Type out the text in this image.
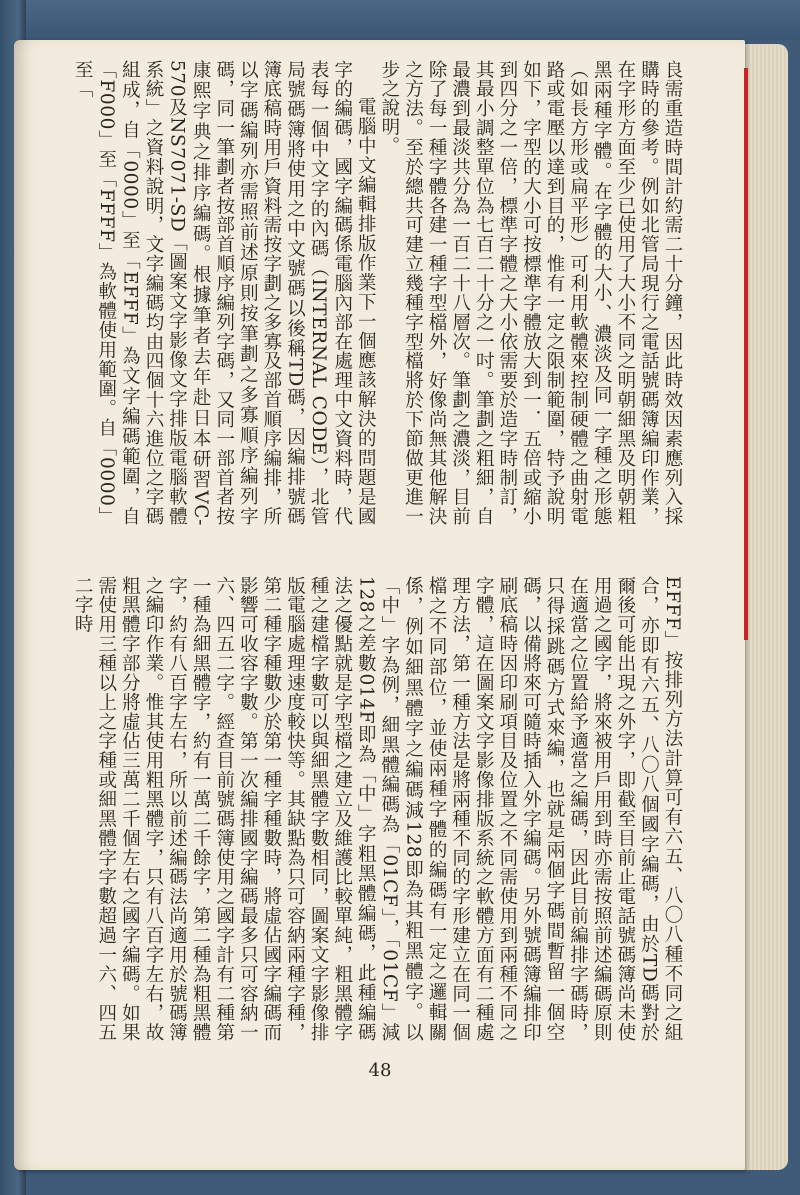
良需重造時間計約需二十分鐘，因此時效因素應列入採購時的參考。例如北管局現行之電話號碼簿編印作業，在字形方面至少已使用了大小不同之明朝細黑及明朝粗黑兩種字體。在字體的大小、濃淡及同一字種之形態（如長方形或扁平形）可利用軟體來控制硬體之曲射電路或電壓以達到目的，惟有一定之限制範圍，特予說明如下，字型的大小可按標準字體放大到一．五倍或縮小到四分之一倍，標準字體之大小依需要於造字時制訂，其最小調整單位為七百二十分之一吋。筆劃之粗細，自最濃到最淡共分為一百二十八層次。筆劃之濃淡，目前除了每一種字體各建一種字型檔外，好像尚無其他解決之方法。至於總共可建立幾種字型檔將於下節做更進一步之說明。

電腦中文編輯排版作業下一個應該解決的問題是國字的編碼，國字編碼係電腦內部在處理中文資料時，代表每一個中文字的內碼（INTERNAL CODE），北管局號碼簿將使用之中文號碼以後稱TD碼，因編排號碼簿底稿時用戶資料需按字劃之多寡及部首順序編排，所以字碼編列亦需照前述原則按筆劃之多寡順序編列字碼，同一筆劃者按部首順序編列字碼，又同一部首者按康熙字典之排序編碼。根據筆者去年赴日本研習VC-570及NS7071-SD「圖案文字影像文字排版電腦軟體系統」之資料說明，文字編碼均由四個十六進位之字碼組成，自「0000」至「EFFF」為文字編碼範圍，自「F000」至「FFFF」為軟體使用範圍。自「0000」至「

EFFF」按排列方法計算可有六五、八〇八種不同之組合，亦即有六五、八〇八個國字編碼，由於TD碼對於爾後可能出現之外字，即截至目前止電話號碼簿尚未使用過之國字，將來被用戶用到時亦需按照前述編碼原則在適當之位置給予適當之編碼，因此目前編排字碼時，只得採跳碼方式來編，也就是兩個字碼間暫留一個空碼，以備將來可隨時插入外字編碼。另外號碼簿編排印刷底稿時因印刷項目及位置之不同需使用到兩種不同之字體，這在圖案文字影像排版系統之軟體方面有二種處理方法，第一種方法是將兩種不同的字形建立在同一個檔之不同部位，並使兩種字體的編碼有一定之邏輯關係，例如細黑體字之編碼減128即為其粗黑體字。以「中」字為例，細黑體編碼為「01CF」，「01CF」減128之差數014F即為「中」字粗黑體編碼，此種編碼法之優點就是字型檔之建立及維護比較單純，粗黑體字種之建檔字數可以與細黑體字數相同，圖案文字影像排版電腦處理速度較快等。其缺點為只可容納兩種字種，第二種字種數少於第一種字種數時，將虛佔國字編碼而影響可收容字數。第一次編排國字編碼最多只可容納一六、四五二字。經查目前號碼簿使用之國字計有二種第一種為細黑體字，約有一萬二千餘字，第二種為粗黑體字，約有八百字左右，所以前述編碼法尚適用於號碼簿之編印作業。惟其使用粗黑體字，只有八百字左右，故粗黑體字部分將虛佔三萬二千個左右之國字編碼。如果需使用三種以上之字種或細黑體字字數超過一六、四五二字時

48
